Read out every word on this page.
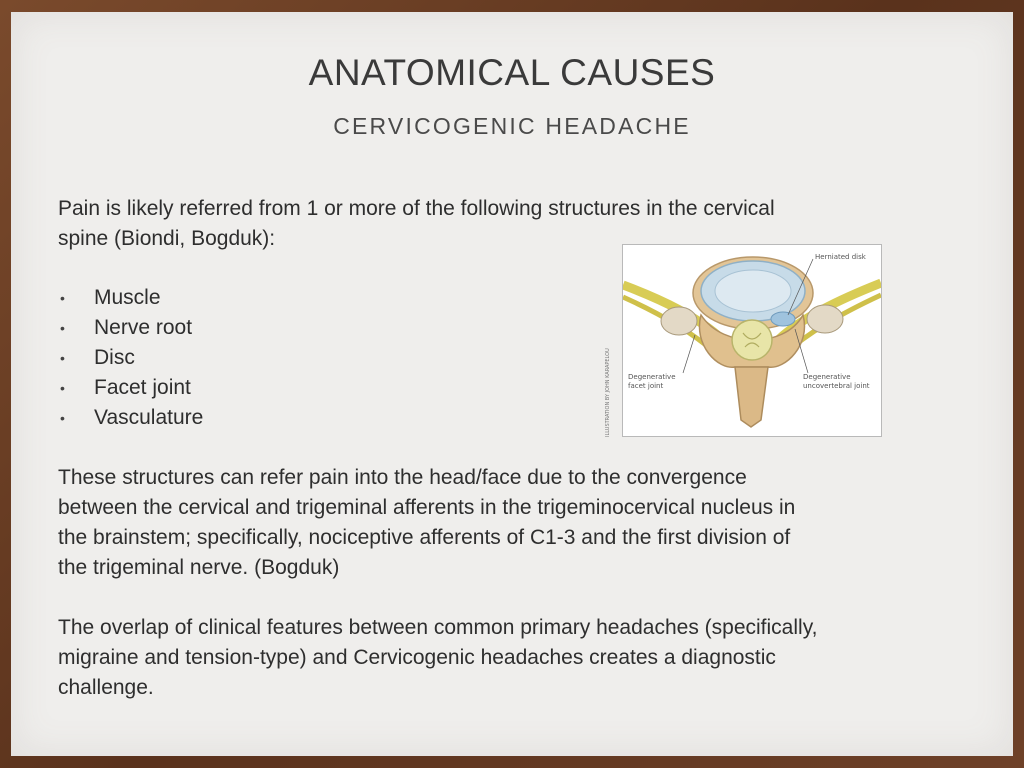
ANATOMICAL CAUSES
CERVICOGENIC HEADACHE
Pain is likely referred from 1 or more of the following structures in the cervical
spine (Biondi, Bogduk):
• Muscle
• Nerve root
• Disc
• Facet joint
• Vasculature	ILLUSTRATION BY JOHN KARAPELOU
Herniated disk
Degenerative
facet joint
Degenerative
uncovertebral joint
These structures can refer pain into the head/face due to the convergence
between the cervical and trigeminal afferents in the trigeminocervical nucleus in
the brainstem; specifically, nociceptive afferents of C1-3 and the first division of
the trigeminal nerve. (Bogduk)
The overlap of clinical features between common primary headaches (specifically,
migraine and tension-type) and Cervicogenic headaches creates a diagnostic
challenge.
